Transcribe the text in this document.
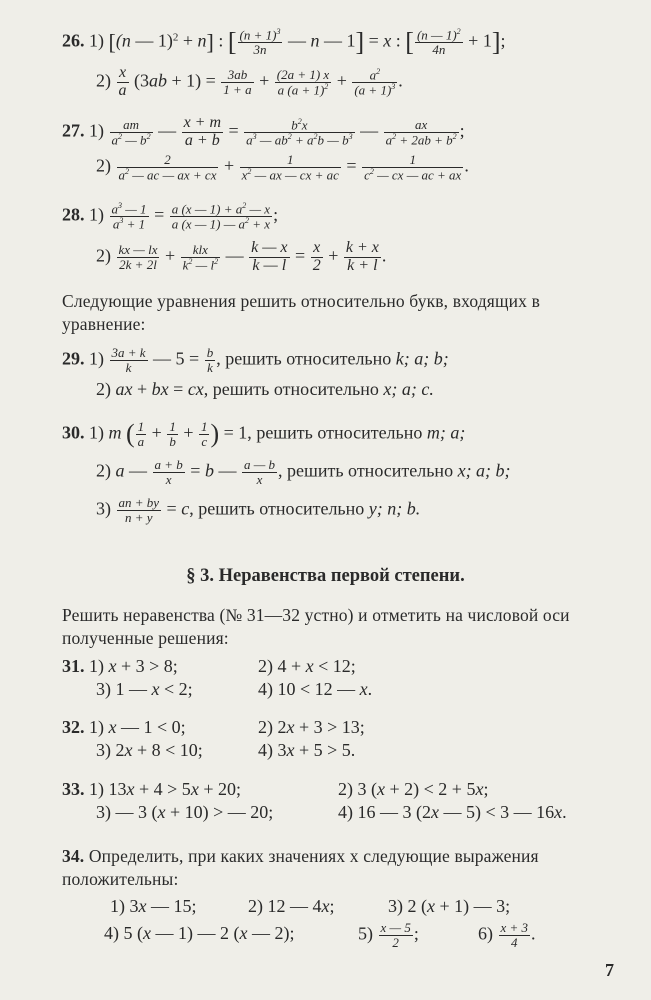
26. 1) [(n — 1)$^2$ + n] : [ $\frac{(n + 1)^3}{3n}$ — n — 1] = x : [ $\frac{(n — 1)^2}{4n} + 1$];
$2) \frac{x}{a} (3ab + 1) = \frac{3ab}{1 + a} + \frac{(2a + 1) x}{a (a + 1)^2} + \frac{a^2}{(a + 1)^3}$ .
27. $1) \frac{am}{a^2 — b^2}$ — $\frac{x + m}{a + b} = \frac{b^2x}{a^3 — ab^2 + a^2b — b^3}$ — $\frac{ax}{a^2 + 2ab + b^2}$ ;
$2) \frac{2}{a^2 — ac — ax + cx} + \frac{1}{x^2 — ax — cx + ac} = \frac{1}{c^2 — cx — ac + ax}$ .
28. $1) \frac{a^3 — 1}{a^3 + 1} = \frac{a (x — 1) + a^2 — x}{a (x — 1) — a^2 + x}$ ;
$2) \frac{kx — lx}{2k + 2l}$ +	klx
$k^2$ — $l^2$ — $\frac{k — x}{k — l} = \frac{x}{2} + \frac{k + x}{k + l}$ .
Следующие уравнения решить относительно букв, входящих в уравнение:
29. $1) \frac{3a + k}{k}$ — $5 = \frac{b}{k}$ , решить относительно k; a; b;
2) ax + bx = cx, решить относительно x; a; c.
30. 1) m ( $\frac{1}{a} + \frac{1}{b} + \frac{1}{c}$ ) = 1, решить относительно m; a;
2) a — $\frac{a + b}{x} = b$ — $\frac{a — b}{x}$ , решить относительно x; a; b;
$3) \frac{an + by}{n + y} = c$, решить относительно y; n; b.
§ 3. Неравенства первой степени.
Решить неравенства (№ 31—32 устно) и отметить на числовой оси полученные решения:
31. 1) x + 3 > 8;	2) 4 + x < 12;
3) 1 — x < 2;	4) 10 < 12 — x.
32. 1) x — 1 < 0;	2) 2x + 3 > 13;
3) 2x + 8 < 10;	4) 3x + 5 > 5.
33. 1) 13x + 4 > 5x + 20;	2) 3 (x + 2) < 2 + 5x;
3) — 3 (x + 10) > — 20;	4) 16 — 3 (2x — 5) < 3 — 16x.
34. Определить, при каких значениях x следующие выражения положительны:
1) 3x — 15;	2) 12 — 4x;	3) 2 (x + 1) — 3;
4) 5 (x — 1) — 2 (x — 2);	$5) \frac{x — 5}{2}$ ;	$6) \frac{x + 3}{4}$ .
7
